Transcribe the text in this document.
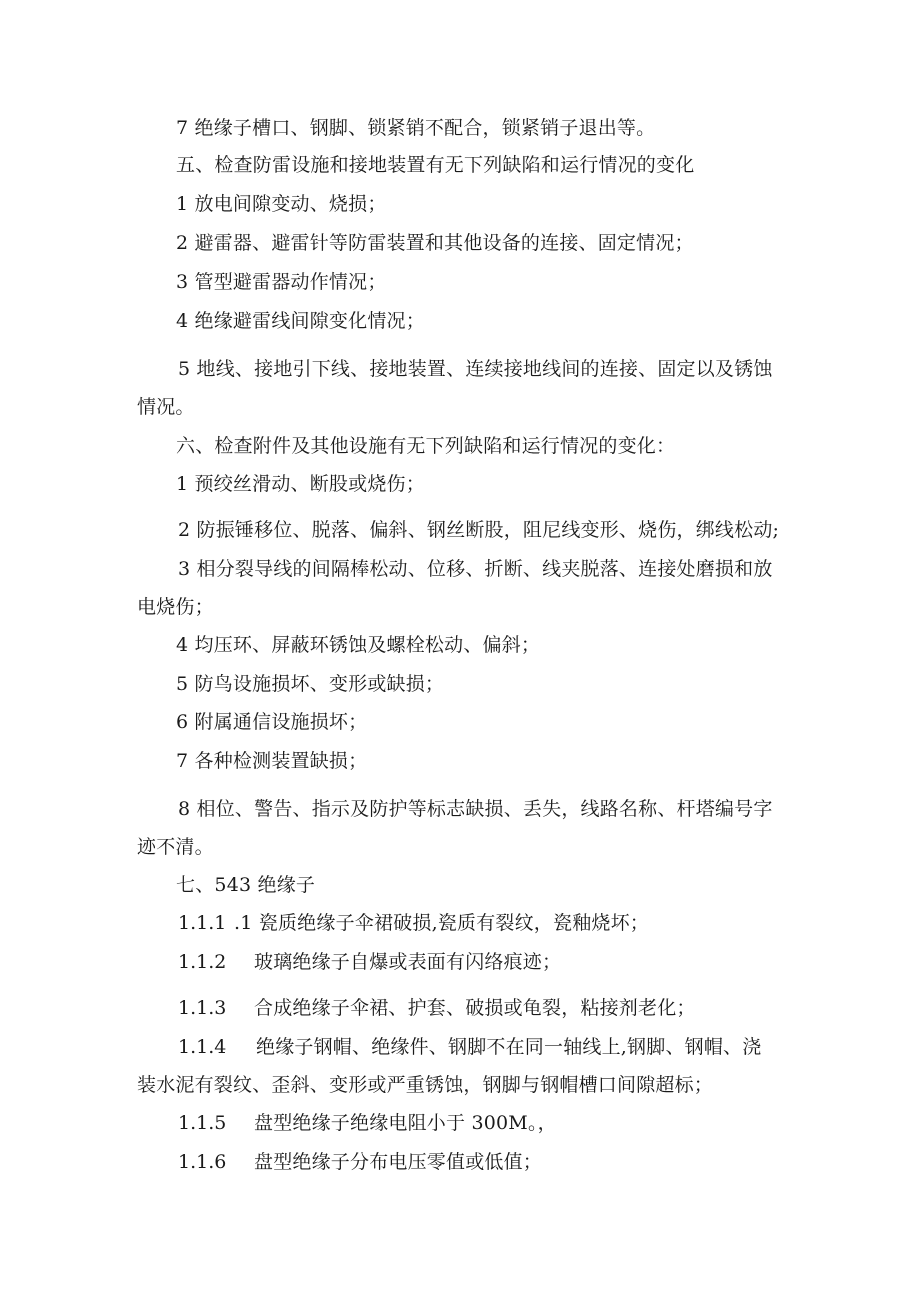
7 绝缘子槽口、钢脚、锁紧销不配合，锁紧销子退出等。
五、检查防雷设施和接地装置有无下列缺陷和运行情况的变化
1 放电间隙变动、烧损；
2 避雷器、避雷针等防雷装置和其他设备的连接、固定情况；
3 管型避雷器动作情况；
4 绝缘避雷线间隙变化情况；
5 地线、接地引下线、接地装置、连续接地线间的连接、固定以及锈蚀
情况。
六、检查附件及其他设施有无下列缺陷和运行情况的变化：
1 预绞丝滑动、断股或烧伤；
2 防振锤移位、脱落、偏斜、钢丝断股，阻尼线变形、烧伤，绑线松动;
3 相分裂导线的间隔棒松动、位移、折断、线夹脱落、连接处磨损和放
电烧伤；
4 均压环、屏蔽环锈蚀及螺栓松动、偏斜；
5 防鸟设施损坏、变形或缺损；
6 附属通信设施损坏；
7 各种检测装置缺损；
8 相位、警告、指示及防护等标志缺损、丢失，线路名称、杆塔编号字
迹不清。
七、543 绝缘子
1.1.1 .1 瓷质绝缘子伞裙破损,瓷质有裂纹，瓷釉烧坏；
1.1.2 玻璃绝缘子自爆或表面有闪络痕迹；
1.1.3 合成绝缘子伞裙、护套、破损或龟裂，粘接剂老化；
1.1.4 绝缘子钢帽、绝缘件、钢脚不在同一轴线上,钢脚、钢帽、浇
装水泥有裂纹、歪斜、变形或严重锈蚀，钢脚与钢帽槽口间隙超标；
1.1.5 盘型绝缘子绝缘电阻小于 300M。，
1.1.6 盘型绝缘子分布电压零值或低值；
